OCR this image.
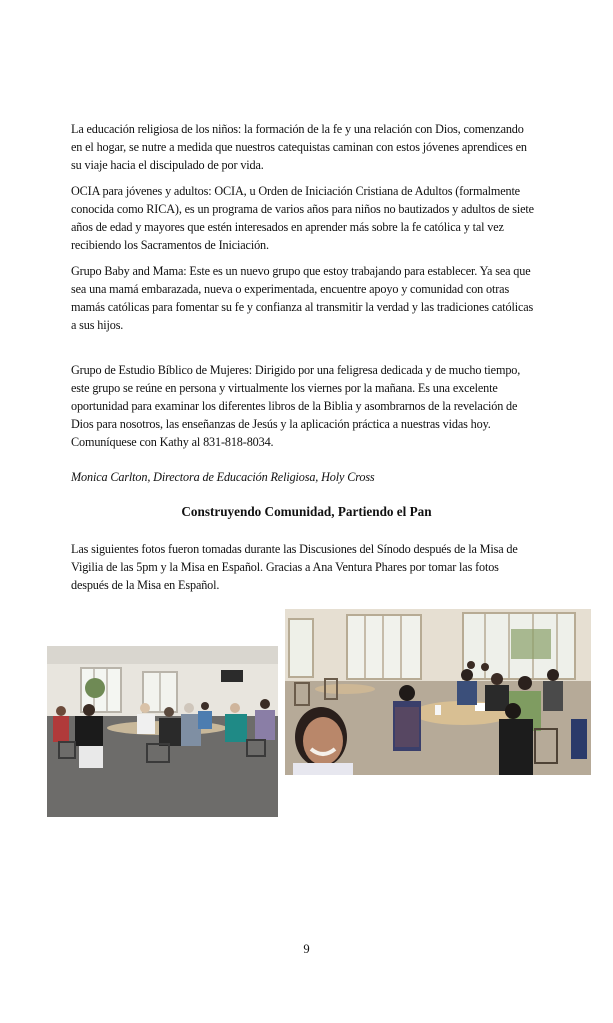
La educación religiosa de los niños: la formación de la fe y una relación con Dios, comenzando en el hogar, se nutre a medida que nuestros catequistas caminan con estos jóvenes aprendices en su viaje hacia el discipulado de por vida.

OCIA para jóvenes y adultos: OCIA, u Orden de Iniciación Cristiana de Adultos (formalmente conocida como RICA), es un programa de varios años para niños no bautizados y adultos de siete años de edad y mayores que estén interesados en aprender más sobre la fe católica y tal vez recibiendo los Sacramentos de Iniciación.

Grupo Baby and Mama: Este es un nuevo grupo que estoy trabajando para establecer. Ya sea que sea una mamá embarazada, nueva o experimentada, encuentre apoyo y comunidad con otras mamás católicas para fomentar su fe y confianza al transmitir la verdad y las tradiciones católicas a sus hijos.

Grupo de Estudio Bíblico de Mujeres: Dirigido por una feligresa dedicada y de mucho tiempo, este grupo se reúne en persona y virtualmente los viernes por la mañana. Es una excelente oportunidad para examinar los diferentes libros de la Biblia y asombrarnos de la revelación de Dios para nosotros, las enseñanzas de Jesús y la aplicación práctica a nuestras vidas hoy. Comuníquese con Kathy al 831-818-8034.

Monica Carlton, Directora de Educación Religiosa, Holy Cross

Construyendo Comunidad, Partiendo el Pan

Las siguientes fotos fueron tomadas durante las Discusiones del Sínodo después de la Misa de Vigilia de las 5pm y la Misa en Español. Gracias a Ana Ventura Phares por tomar las fotos después de la Misa en Español.

9
